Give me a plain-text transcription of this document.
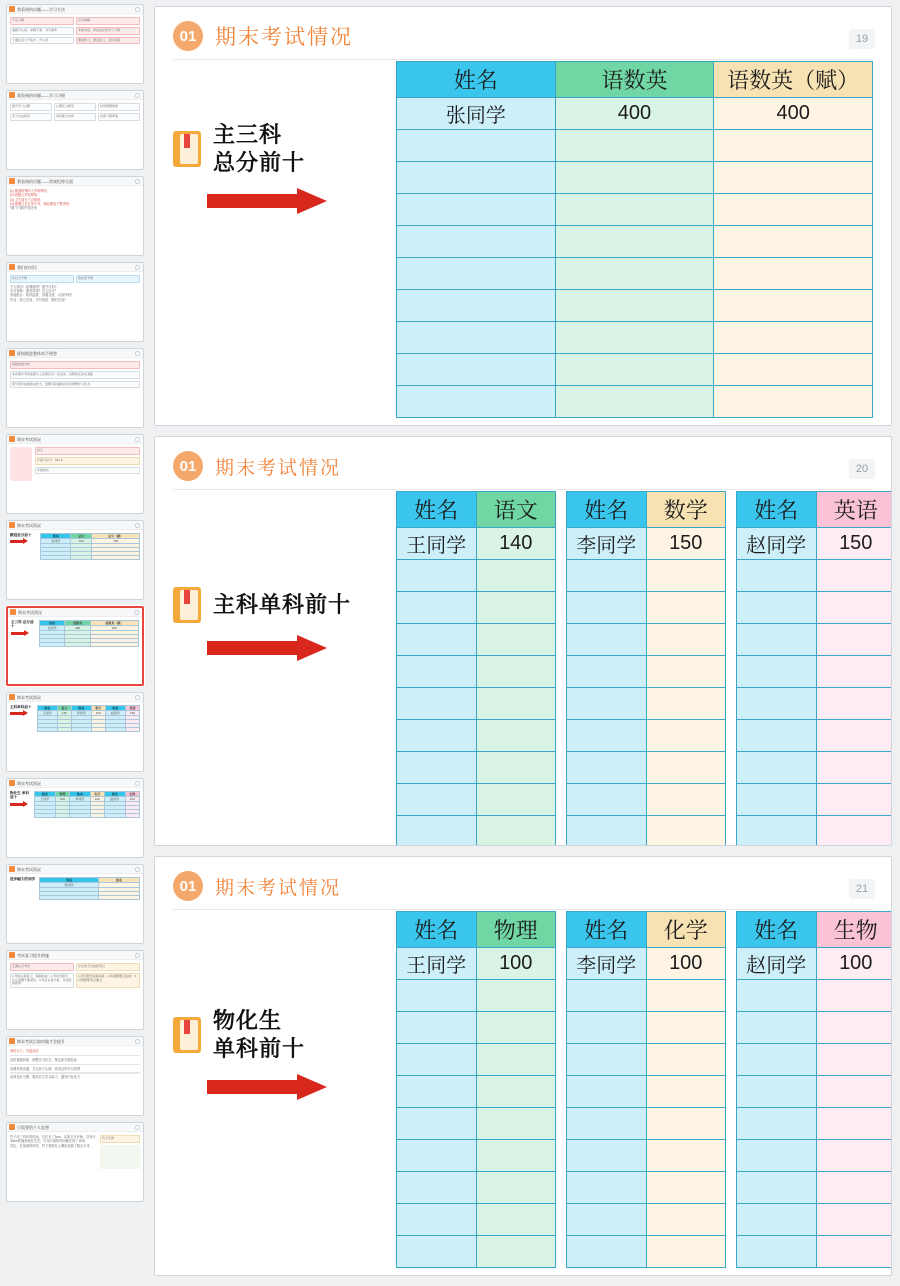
我看到的问题——学习方法
不良习惯	应对策略
做题不认真、审题不清、书写潦草	多做多练，养成良好的学习习惯
上课注意力不集中、开小差	课前预习，课后复习，及时巩固
我看到的问题——学习习惯
提升学习兴趣	心理压力疏导	时间管理规划
学习方法指导	家校配合共育	自律习惯养成
我看到的问题——常规纪律方面
(1) 楼道特殊的大声喧哗的;
(2) 班级大声喧哗的;
(3) 卫生值日不合格的;
(4) 做操立正打饭不齐，物品摆放不整齐的;
"做"与"做好"的区别
我们的对比
执行力不够	落实度不够
个人原因：熟课期望？提升计划?
学习管理：课堂效率？自主自习？
家庭配合：陪伴监督、沟通交流、以身作则？
作业：独立完成、书写规范、限时完成？
班级精进整体尚不理想
班级成绩分析
本次期末考试成绩与上次相比有一定进步，但整体还存在差距
部分同学成绩波动较大，需要引起重视并及时调整学习状态
期末考试情况
状元
计算分总分：661.5
年级排名
期末考试情况
精进总分前十	姓名	总分	总分（赋）
张同学	700	700

期末考试情况
主三科 总分前十
姓名	语数英	语数英（赋）
张同学	400	400

期末考试情况
主科单科前十	姓名	语文	姓名	数学	姓名	英语
王同学	140	李同学	150	赵同学	150

期末考试情况
物化生 单科前十
姓名	物理	姓名	化学	姓名	生物
王同学	100	李同学	100	赵同学	100

期末考试情况
进步幅大的同学	姓名	姓名
陈同学	

考试复习提升措施
正确认识考试	学会善于总结的笔记
1.考前认真复习，查漏补缺；2.考试过程中，专心答题不要紧张；3.考后认真分析，总结经验教训
1.回归教材查漏补缺；2.积错题要反复看；3.归纳整理笔记要点
期末考试后如何做才会提升
家校合力，共促成长
及时查漏补缺、调整学习状态、制定新学期目标
加强家校沟通、关注孩子心理、营造良好学习氛围
培养良好习惯、提高自主学习能力、激发内在动力
只需要给个人思想
竹子用了四年的时间，仅仅长了3cm，从第五年开始，以每天30cm的速度疯狂生长，仅用六周的时间就长到了15米
其实，在前面的四年，竹子将根在土壤里延伸了数百平米
竹子定律
01 期末考试情况	19
主三科
总分前十
姓名	语数英	语数英（赋）
张同学	400	400

01 期末考试情况	20
主科单科前十
姓名	语文
王同学	140

姓名	数学
李同学	150

姓名	英语
赵同学	150

01 期末考试情况	21
物化生
单科前十
姓名	物理
王同学	100

姓名	化学
李同学	100

姓名	生物
赵同学	100
